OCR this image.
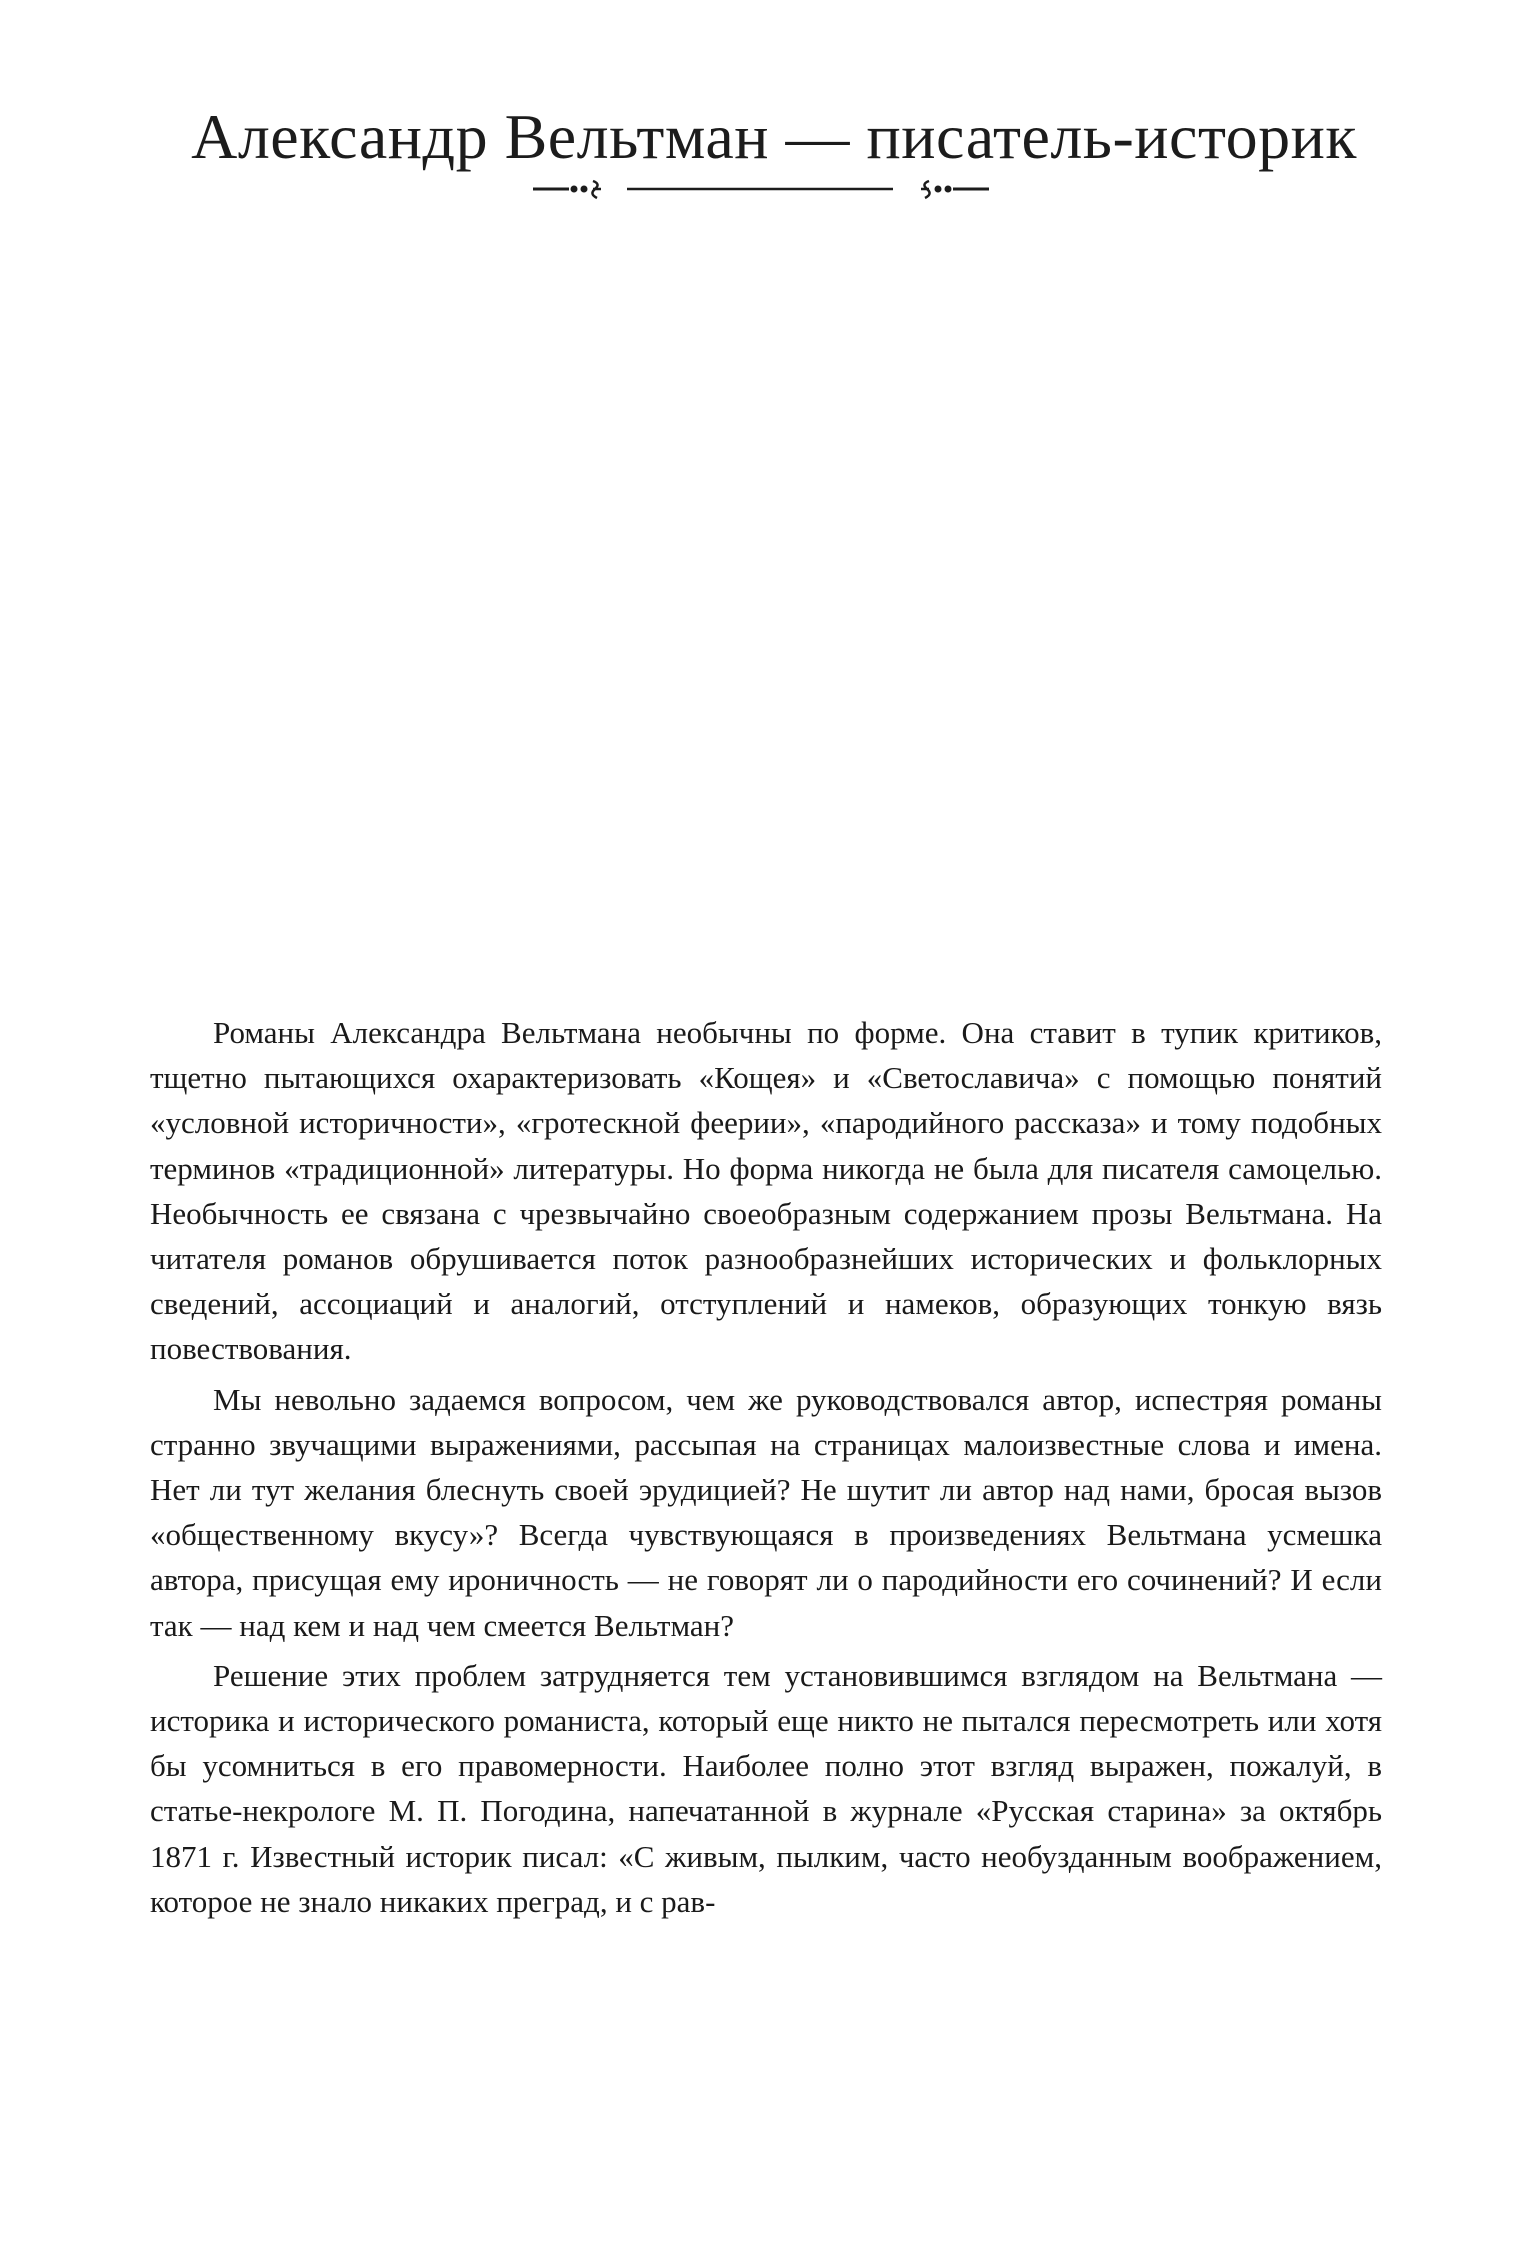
Александр Вельтман — писатель-историк

Романы Александра Вельтмана необычны по форме. Она ставит в тупик критиков, тщетно пытающихся охарактеризовать «Кощея» и «Светославича» с помощью понятий «условной историчности», «гротескной феерии», «пародийного рассказа» и тому подобных терминов «традиционной» литературы. Но форма никогда не была для писателя самоцелью. Необычность ее связана с чрезвычайно своеобразным содержанием прозы Вельтмана. На читателя романов обрушивается поток разнообразнейших исторических и фольклорных сведений, ассоциаций и аналогий, отступлений и намеков, образующих тонкую вязь повествования.

Мы невольно задаемся вопросом, чем же руководствовался автор, испестряя романы странно звучащими выражениями, рассыпая на страницах малоизвестные слова и имена. Нет ли тут желания блеснуть своей эрудицией? Не шутит ли автор над нами, бросая вызов «общественному вкусу»? Всегда чувствующаяся в произведениях Вельтмана усмешка автора, присущая ему ироничность — не говорят ли о пародийности его сочинений? И если так — над кем и над чем смеется Вельтман?

Решение этих проблем затрудняется тем установившимся взглядом на Вельтмана — историка и исторического романиста, который еще никто не пытался пересмотреть или хотя бы усомниться в его правомерности. Наиболее полно этот взгляд выражен, пожалуй, в статье-некрологе М. П. Погодина, напечатанной в журнале «Русская старина» за октябрь 1871 г. Известный историк писал: «С живым, пылким, часто необузданным воображением, которое не знало никаких преград, и с рав-
